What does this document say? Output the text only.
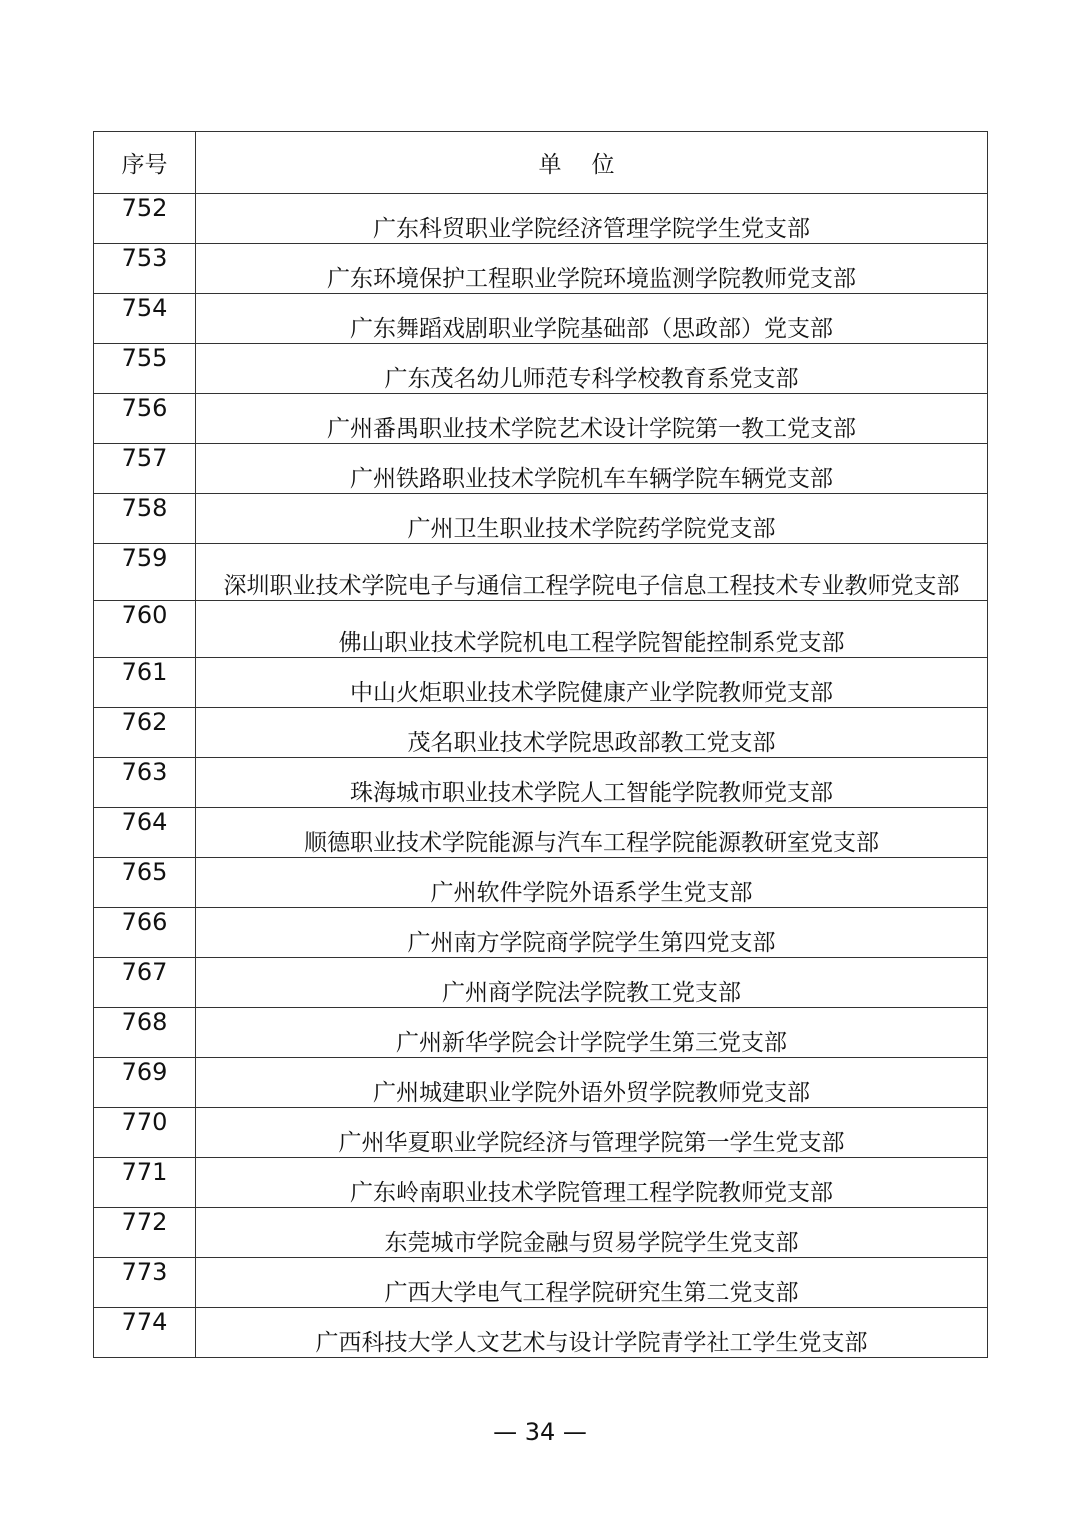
序号	单位
752	广东科贸职业学院经济管理学院学生党支部
753	广东环境保护工程职业学院环境监测学院教师党支部
754	广东舞蹈戏剧职业学院基础部（思政部）党支部
755	广东茂名幼儿师范专科学校教育系党支部
756	广州番禺职业技术学院艺术设计学院第一教工党支部
757	广州铁路职业技术学院机车车辆学院车辆党支部
758	广州卫生职业技术学院药学院党支部
759	深圳职业技术学院电子与通信工程学院电子信息工程技术专业教师党支部
760	佛山职业技术学院机电工程学院智能控制系党支部
761	中山火炬职业技术学院健康产业学院教师党支部
762	茂名职业技术学院思政部教工党支部
763	珠海城市职业技术学院人工智能学院教师党支部
764	顺德职业技术学院能源与汽车工程学院能源教研室党支部
765	广州软件学院外语系学生党支部
766	广州南方学院商学院学生第四党支部
767	广州商学院法学院教工党支部
768	广州新华学院会计学院学生第三党支部
769	广州城建职业学院外语外贸学院教师党支部
770	广州华夏职业学院经济与管理学院第一学生党支部
771	广东岭南职业技术学院管理工程学院教师党支部
772	东莞城市学院金融与贸易学院学生党支部
773	广西大学电气工程学院研究生第二党支部
774	广西科技大学人文艺术与设计学院青学社工学生党支部
— 34 —
